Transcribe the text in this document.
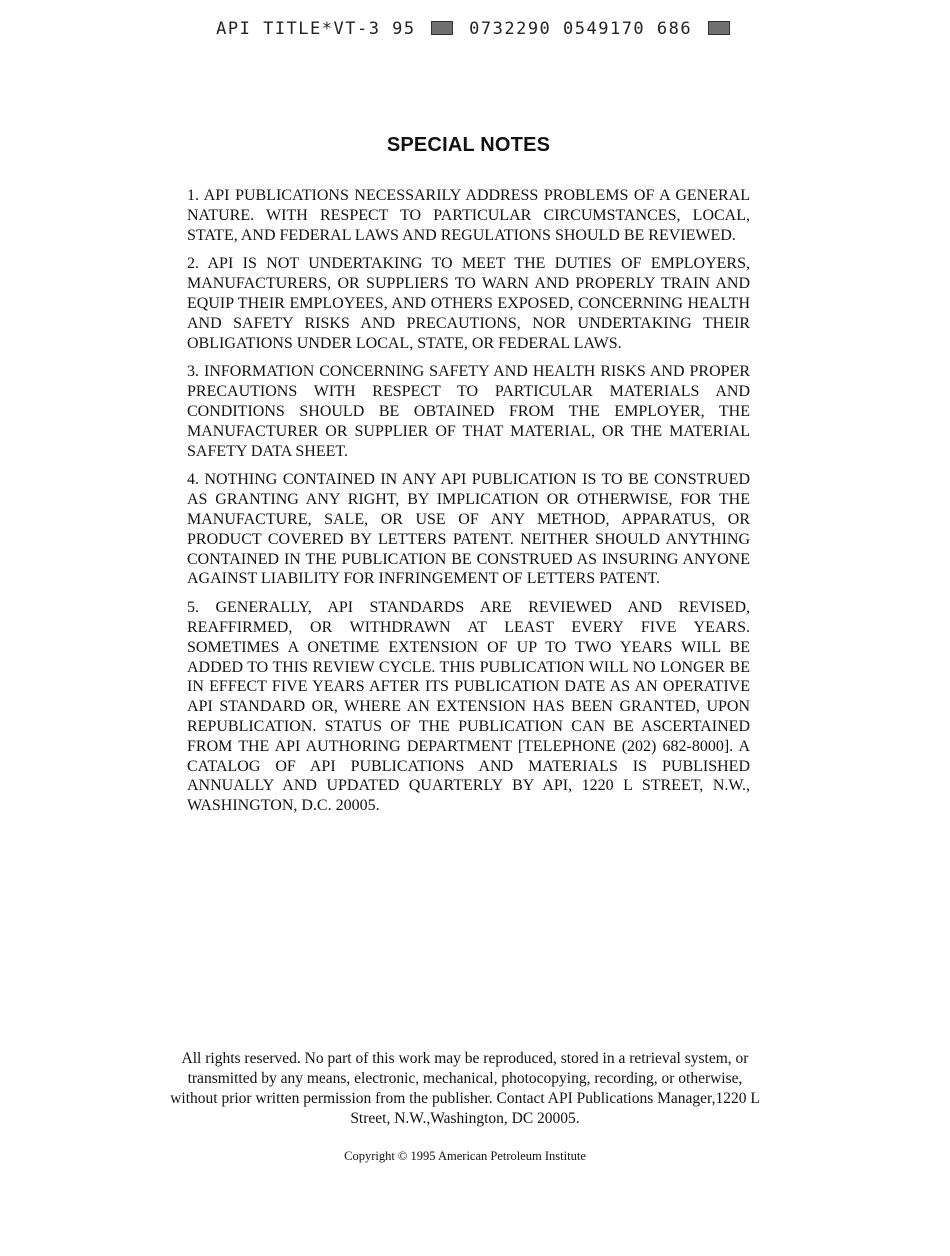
API TITLE*VT-3 95	0732290 0549170 686
SPECIAL NOTES

1. API PUBLICATIONS NECESSARILY ADDRESS PROBLEMS OF A GENERAL NATURE. WITH RESPECT TO PARTICULAR CIRCUMSTANCES, LOCAL, STATE, AND FEDERAL LAWS AND REGULATIONS SHOULD BE REVIEWED.

2. API IS NOT UNDERTAKING TO MEET THE DUTIES OF EMPLOYERS, MANUFACTURERS, OR SUPPLIERS TO WARN AND PROPERLY TRAIN AND EQUIP THEIR EMPLOYEES, AND OTHERS EXPOSED, CONCERNING HEALTH AND SAFETY RISKS AND PRECAUTIONS, NOR UNDERTAKING THEIR OBLIGATIONS UNDER LOCAL, STATE, OR FEDERAL LAWS.

3. INFORMATION CONCERNING SAFETY AND HEALTH RISKS AND PROPER PRECAUTIONS WITH RESPECT TO PARTICULAR MATERIALS AND CONDITIONS SHOULD BE OBTAINED FROM THE EMPLOYER, THE MANUFACTURER OR SUPPLIER OF THAT MATERIAL, OR THE MATERIAL SAFETY DATA SHEET.

4. NOTHING CONTAINED IN ANY API PUBLICATION IS TO BE CONSTRUED AS GRANTING ANY RIGHT, BY IMPLICATION OR OTHERWISE, FOR THE MANUFACTURE, SALE, OR USE OF ANY METHOD, APPARATUS, OR PRODUCT COVERED BY LETTERS PATENT. NEITHER SHOULD ANYTHING CONTAINED IN THE PUBLICATION BE CONSTRUED AS INSURING ANYONE AGAINST LIABILITY FOR INFRINGEMENT OF LETTERS PATENT.

5. GENERALLY, API STANDARDS ARE REVIEWED AND REVISED, REAFFIRMED, OR WITHDRAWN AT LEAST EVERY FIVE YEARS. SOMETIMES A ONETIME EXTENSION OF UP TO TWO YEARS WILL BE ADDED TO THIS REVIEW CYCLE. THIS PUBLICATION WILL NO LONGER BE IN EFFECT FIVE YEARS AFTER ITS PUBLICATION DATE AS AN OPERATIVE API STANDARD OR, WHERE AN EXTENSION HAS BEEN GRANTED, UPON REPUBLICATION. STATUS OF THE PUBLICATION CAN BE ASCERTAINED FROM THE API AUTHORING DEPARTMENT [TELEPHONE (202) 682-8000]. A CATALOG OF API PUBLICATIONS AND MATERIALS IS PUBLISHED ANNUALLY AND UPDATED QUARTERLY BY API, 1220 L STREET, N.W., WASHINGTON, D.C. 20005.

All rights reserved. No part of this work may be reproduced, stored in a retrieval system, or transmitted by any means, electronic, mechanical, photocopying, recording, or otherwise, without prior written permission from the publisher. Contact API Publications Manager,1220 L Street, N.W.,Washington, DC 20005.
Copyright © 1995 American Petroleum Institute
